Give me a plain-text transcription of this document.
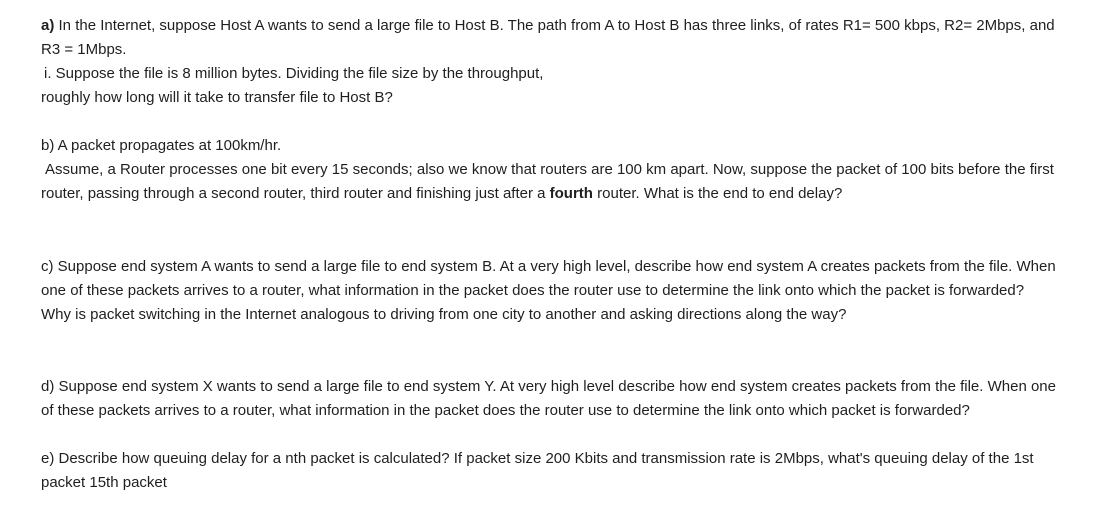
a) In the Internet, suppose Host A wants to send a large file to Host B. The path from A to Host B has three links, of rates R1= 500 kbps, R2= 2Mbps, and
R3 = 1Mbps.
i. Suppose the file is 8 million bytes. Dividing the file size by the throughput,
roughly how long will it take to transfer file to Host B?
b) A packet propagates at 100km/hr.
Assume, a Router processes one bit every 15 seconds; also we know that routers are 100 km apart. Now, suppose the packet of 100 bits before the first
router, passing through a second router, third router and finishing just after a fourth router. What is the end to end delay?
c) Suppose end system A wants to send a large file to end system B. At a very high level, describe how end system A creates packets from the file. When
one of these packets arrives to a router, what information in the packet does the router use to determine the link onto which the packet is forwarded?
Why is packet switching in the Internet analogous to driving from one city to another and asking directions along the way?
d) Suppose end system X wants to send a large file to end system Y. At very high level describe how end system creates packets from the file. When one
of these packets arrives to a router, what information in the packet does the router use to determine the link onto which packet is forwarded?
e) Describe how queuing delay for a nth packet is calculated? If packet size 200 Kbits and transmission rate is 2Mbps, what's queuing delay of the 1st
packet 15th packet
